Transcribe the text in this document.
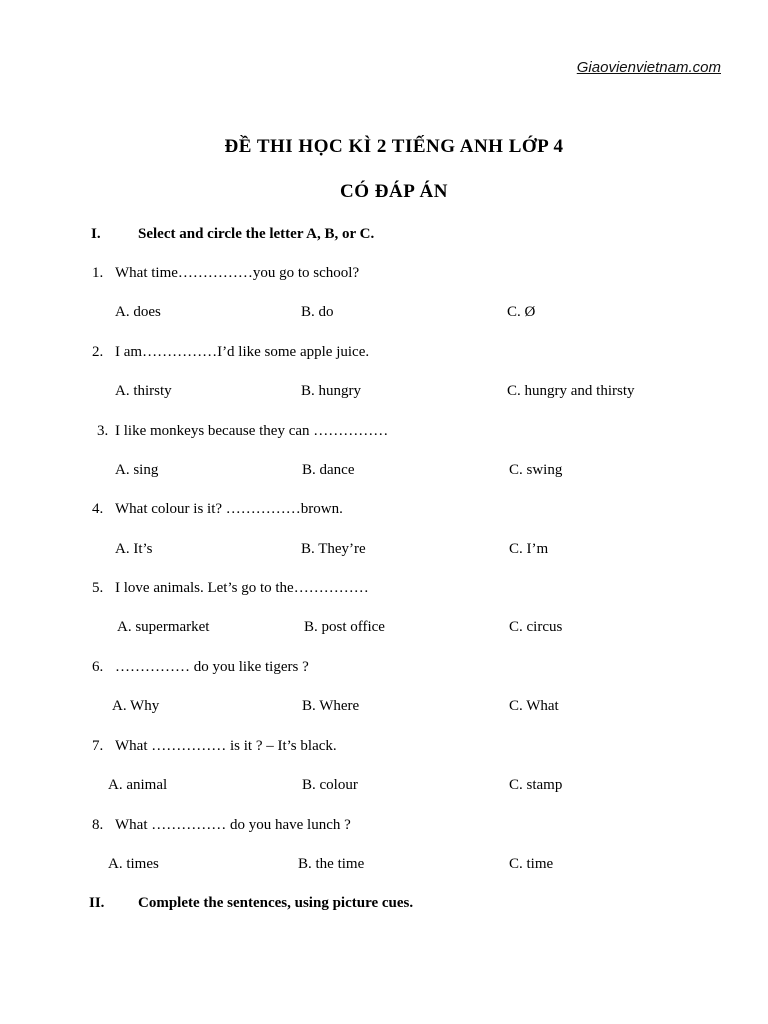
Giaovienvietnam.com
ĐỀ THI HỌC KÌ 2 TIẾNG ANH LỚP 4
CÓ ĐÁP ÁN
I. Select and circle the letter A, B, or C.
1. What time……………you go to school?
A. does	B. do	C. Ø
2. I am……………I’d like some apple juice.
A. thirsty	B. hungry	C. hungry and thirsty
3. I like monkeys because they can ……………
A. sing	B. dance	C. swing
4. What colour is it? ……………brown.
A. It’s	B. They’re	C. I’m
5. I love animals. Let’s go to the……………
A. supermarket	B. post office	C. circus
6. …………… do you like tigers ?
A. Why	B. Where	C. What
7. What …………… is it ? – It’s black.
A. animal	B. colour	C. stamp
8. What …………… do you have lunch ?
A. times	B. the time	C. time
II. Complete the sentences, using picture cues.
